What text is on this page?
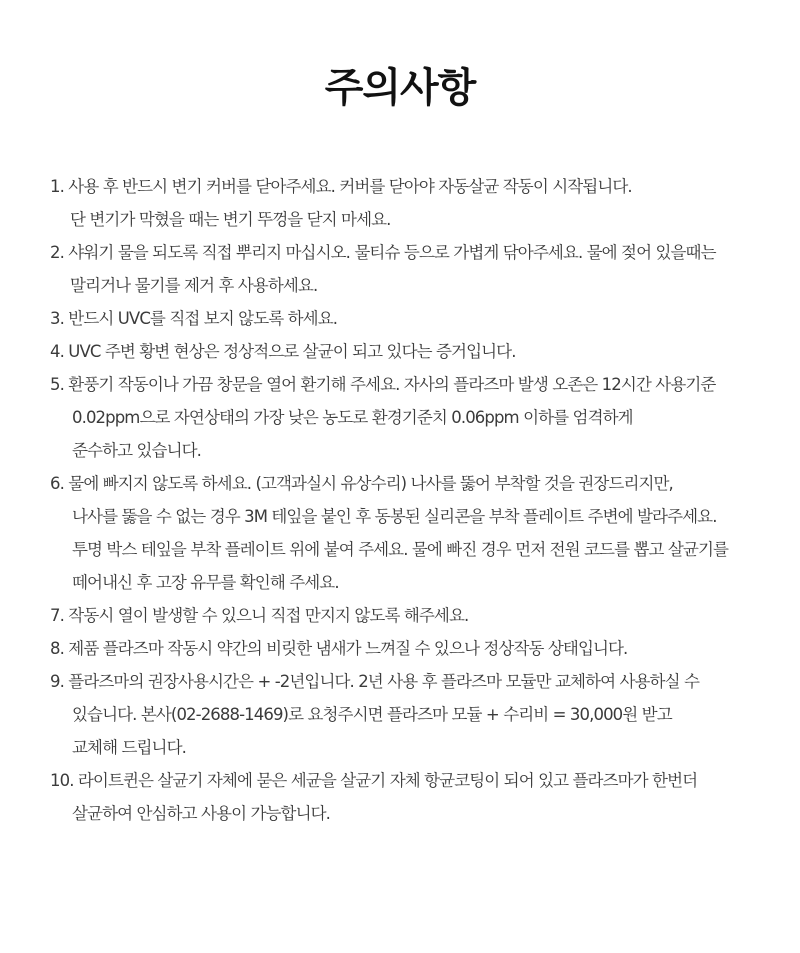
주의사항
1. 사용 후 반드시 변기 커버를 닫아주세요. 커버를 닫아야 자동살균 작동이 시작됩니다.
단 변기가 막혔을 때는 변기 뚜껑을 닫지 마세요.
2. 샤워기 물을 되도록 직접 뿌리지 마십시오. 물티슈 등으로 가볍게 닦아주세요. 물에 젖어 있을때는
말리거나 물기를 제거 후 사용하세요.
3. 반드시 UVC를 직접 보지 않도록 하세요.
4. UVC 주변 황변 현상은 정상적으로 살균이 되고 있다는 증거입니다.
5. 환풍기 작동이나 가끔 창문을 열어 환기해 주세요. 자사의 플라즈마 발생 오존은 12시간 사용기준
0.02ppm으로 자연상태의 가장 낮은 농도로 환경기준치 0.06ppm 이하를 엄격하게
준수하고 있습니다.
6. 물에 빠지지 않도록 하세요. (고객과실시 유상수리) 나사를 뚫어 부착할 것을 권장드리지만,
나사를 뚫을 수 없는 경우 3M 테잎을 붙인 후 동봉된 실리콘을 부착 플레이트 주변에 발라주세요.
투명 박스 테잎을 부착 플레이트 위에 붙여 주세요. 물에 빠진 경우 먼저 전원 코드를 뽑고 살균기를
떼어내신 후 고장 유무를 확인해 주세요.
7. 작동시 열이 발생할 수 있으니 직접 만지지 않도록 해주세요.
8. 제품 플라즈마 작동시 약간의 비릿한 냄새가 느껴질 수 있으나 정상작동 상태입니다.
9. 플라즈마의 권장사용시간은 + -2년입니다. 2년 사용 후 플라즈마 모듈만 교체하여 사용하실 수
있습니다. 본사(02-2688-1469)로 요청주시면 플라즈마 모듈 + 수리비 = 30,000원 받고
교체해 드립니다.
10. 라이트퀸은 살균기 자체에 묻은 세균을 살균기 자체 항균코팅이 되어 있고 플라즈마가 한번더
살균하여 안심하고 사용이 가능합니다.
